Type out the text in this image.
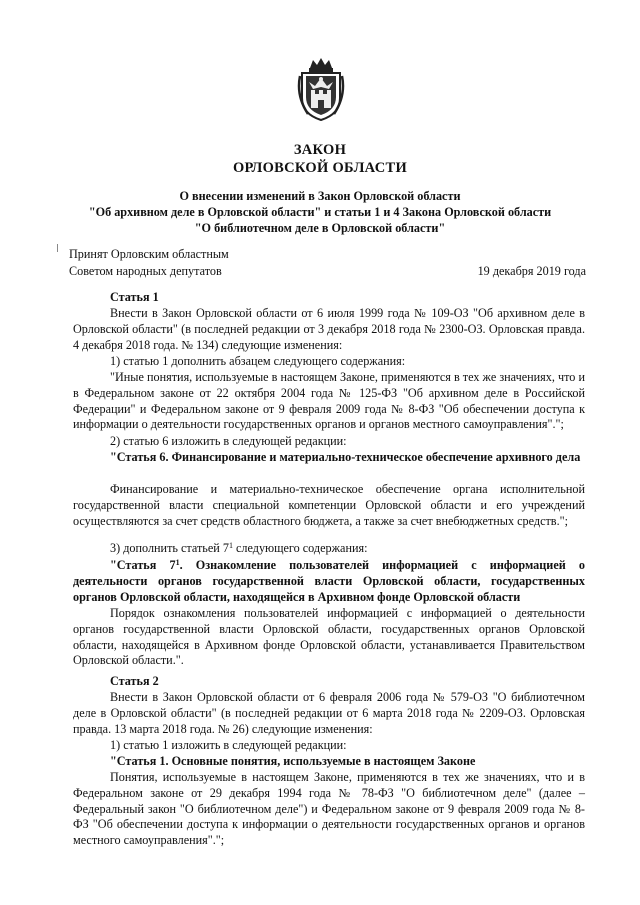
ЗАКОН
ОРЛОВСКОЙ ОБЛАСТИ
О внесении изменений в Закон Орловской области
"Об архивном деле в Орловской области" и статьи 1 и 4 Закона Орловской области
"О библиотечном деле в Орловской области"
Принят Орловским областным
Советом народных депутатов	19 декабря 2019 года
Статья 1
Внести в Закон Орловской области от 6 июля 1999 года № 109-ОЗ "Об архивном деле в Орловской области" (в последней редакции от 3 декабря 2018 года № 2300-ОЗ. Орловская правда. 4 декабря 2018 года. № 134) следующие изменения:
1) статью 1 дополнить абзацем следующего содержания:
"Иные понятия, используемые в настоящем Законе, применяются в тех же значениях, что и в Федеральном законе от 22 октября 2004 года № 125-ФЗ "Об архивном деле в Российской Федерации" и Федеральном законе от 9 февраля 2009 года № 8-ФЗ "Об обеспечении доступа к информации о деятельности государственных органов и органов местного самоуправления".";
2) статью 6 изложить в следующей редакции:
"Статья 6. Финансирование и материально-техническое обеспечение архивного дела
Финансирование и материально-техническое обеспечение органа исполнительной государственной власти специальной компетенции Орловской области и его учреждений осуществляются за счет средств областного бюджета, а также за счет внебюджетных средств.";
3) дополнить статьей $7^1$ следующего содержания:
"Статья $7^1$. Ознакомление пользователей информацией с информацией о деятельности органов государственной власти Орловской области, государственных органов Орловской области, находящейся в Архивном фонде Орловской области
Порядок ознакомления пользователей информацией с информацией о деятельности органов государственной власти Орловской области, государственных органов Орловской области, находящейся в Архивном фонде Орловской области, устанавливается Правительством Орловской области.".
Статья 2
Внести в Закон Орловской области от 6 февраля 2006 года № 579-ОЗ "О библиотечном деле в Орловской области" (в последней редакции от 6 марта 2018 года № 2209-ОЗ. Орловская правда. 13 марта 2018 года. № 26) следующие изменения:
1) статью 1 изложить в следующей редакции:
"Статья 1. Основные понятия, используемые в настоящем Законе
Понятия, используемые в настоящем Законе, применяются в тех же значениях, что и в Федеральном законе от 29 декабря 1994 года № 78-ФЗ "О библиотечном деле" (далее – Федеральный закон "О библиотечном деле") и Федеральном законе от 9 февраля 2009 года № 8-ФЗ "Об обеспечении доступа к информации о деятельности государственных органов и органов местного самоуправления".";
